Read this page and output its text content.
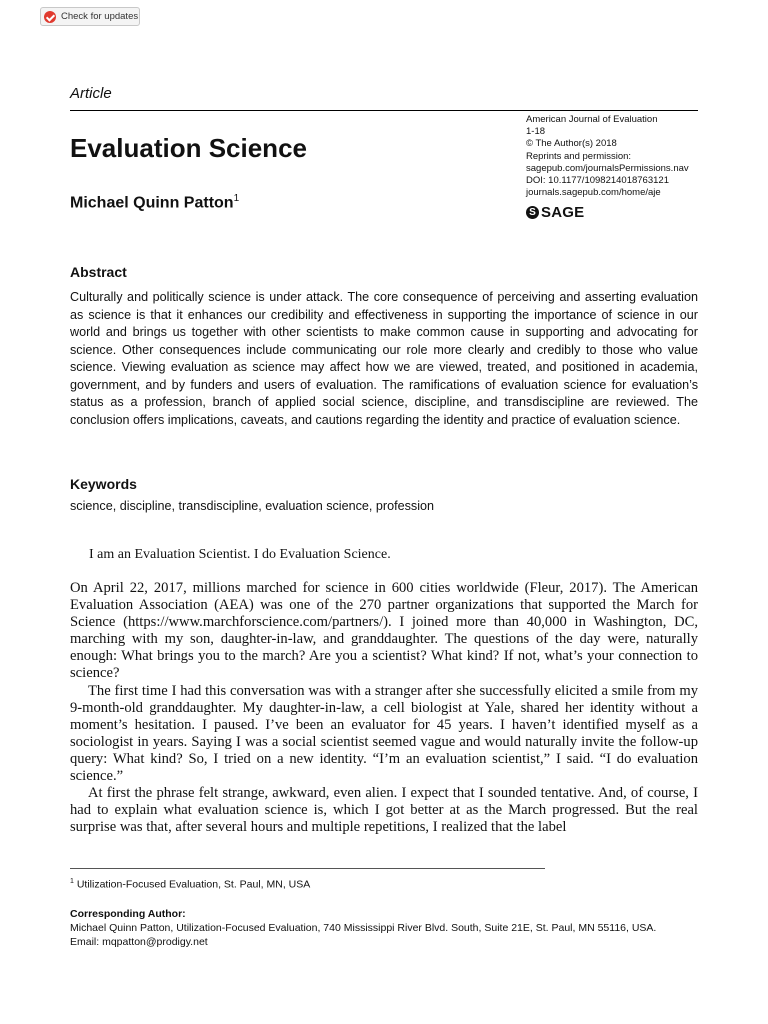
Check for updates
Article
American Journal of Evaluation
1-18
© The Author(s) 2018
Reprints and permission:
sagepub.com/journalsPermissions.nav
DOI: 10.1177/1098214018763121
journals.sagepub.com/home/aje
S SAGE
Evaluation Science
Michael Quinn Patton$^1$
Abstract
Culturally and politically science is under attack. The core consequence of perceiving and asserting evaluation as science is that it enhances our credibility and effectiveness in supporting the importance of science in our world and brings us together with other scientists to make common cause in supporting and advocating for science. Other consequences include communicating our role more clearly and credibly to those who value science. Viewing evaluation as science may affect how we are viewed, treated, and positioned in academia, government, and by funders and users of evaluation. The ramifications of evaluation science for evaluation’s status as a profession, branch of applied social science, discipline, and transdiscipline are reviewed. The conclusion offers implications, caveats, and cautions regarding the identity and practice of evaluation science.
Keywords
science, discipline, transdiscipline, evaluation science, profession
I am an Evaluation Scientist. I do Evaluation Science.

On April 22, 2017, millions marched for science in 600 cities worldwide (Fleur, 2017). The American Evaluation Association (AEA) was one of the 270 partner organizations that supported the March for Science (https://www.marchforscience.com/partners/). I joined more than 40,000 in Washington, DC, marching with my son, daughter-in-law, and granddaughter. The questions of the day were, naturally enough: What brings you to the march? Are you a scientist? What kind? If not, what’s your connection to science?

The first time I had this conversation was with a stranger after she successfully elicited a smile from my 9-month-old granddaughter. My daughter-in-law, a cell biologist at Yale, shared her identity without a moment’s hesitation. I paused. I’ve been an evaluator for 45 years. I haven’t identified myself as a sociologist in years. Saying I was a social scientist seemed vague and would naturally invite the follow-up query: What kind? So, I tried on a new identity. “I’m an evaluation scientist,” I said. “I do evaluation science.”

At first the phrase felt strange, awkward, even alien. I expect that I sounded tentative. And, of course, I had to explain what evaluation science is, which I got better at as the March progressed. But the real surprise was that, after several hours and multiple repetitions, I realized that the label

$^1$ Utilization-Focused Evaluation, St. Paul, MN, USA
Corresponding Author:
Michael Quinn Patton, Utilization-Focused Evaluation, 740 Mississippi River Blvd. South, Suite 21E, St. Paul, MN 55116, USA.
Email: mqpatton@prodigy.net
